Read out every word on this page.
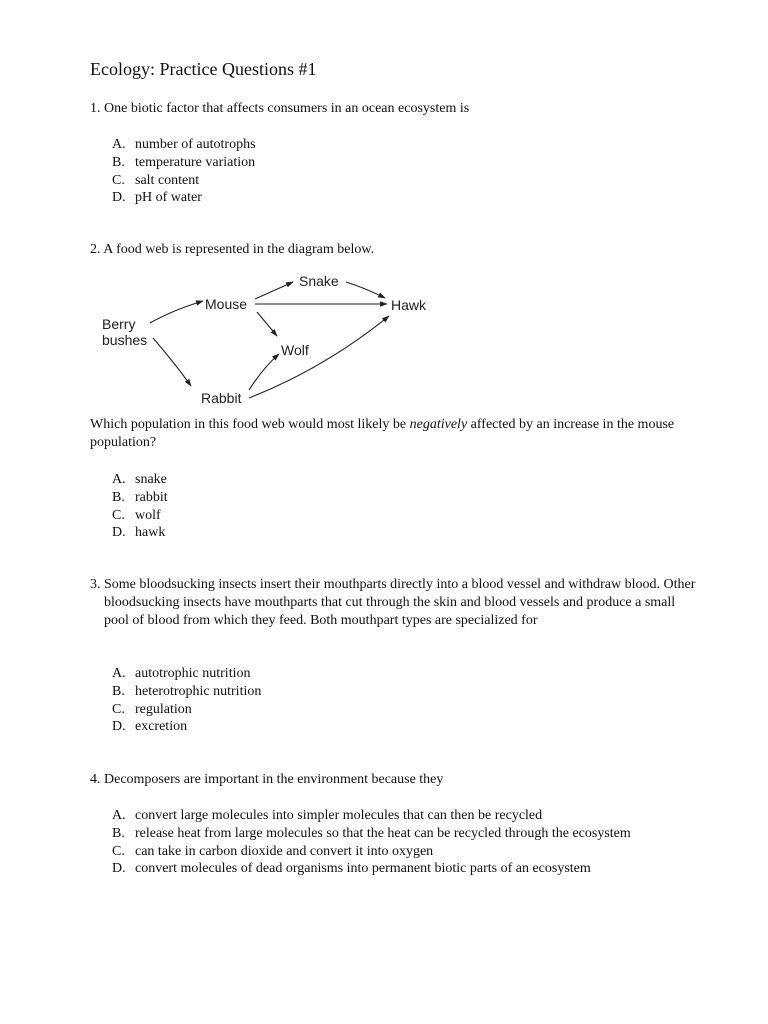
Ecology: Practice Questions #1
1. One biotic factor that affects consumers in an ocean ecosystem is
A. number of autotrophs
B. temperature variation
C. salt content
D. pH of water
2. A food web is represented in the diagram below.
Berry
bushes
Mouse
Snake
Hawk
Wolf
Rabbit
Which population in this food web would most likely be negatively affected by an increase in the mouse population?
A. snake
B. rabbit
C. wolf
D. hawk
3. Some bloodsucking insects insert their mouthparts directly into a blood vessel and withdraw blood. Other bloodsucking insects have mouthparts that cut through the skin and blood vessels and produce a small pool of blood from which they feed. Both mouthpart types are specialized for
A. autotrophic nutrition
B. heterotrophic nutrition
C. regulation
D. excretion
4. Decomposers are important in the environment because they
A. convert large molecules into simpler molecules that can then be recycled
B. release heat from large molecules so that the heat can be recycled through the ecosystem
C. can take in carbon dioxide and convert it into oxygen
D. convert molecules of dead organisms into permanent biotic parts of an ecosystem
